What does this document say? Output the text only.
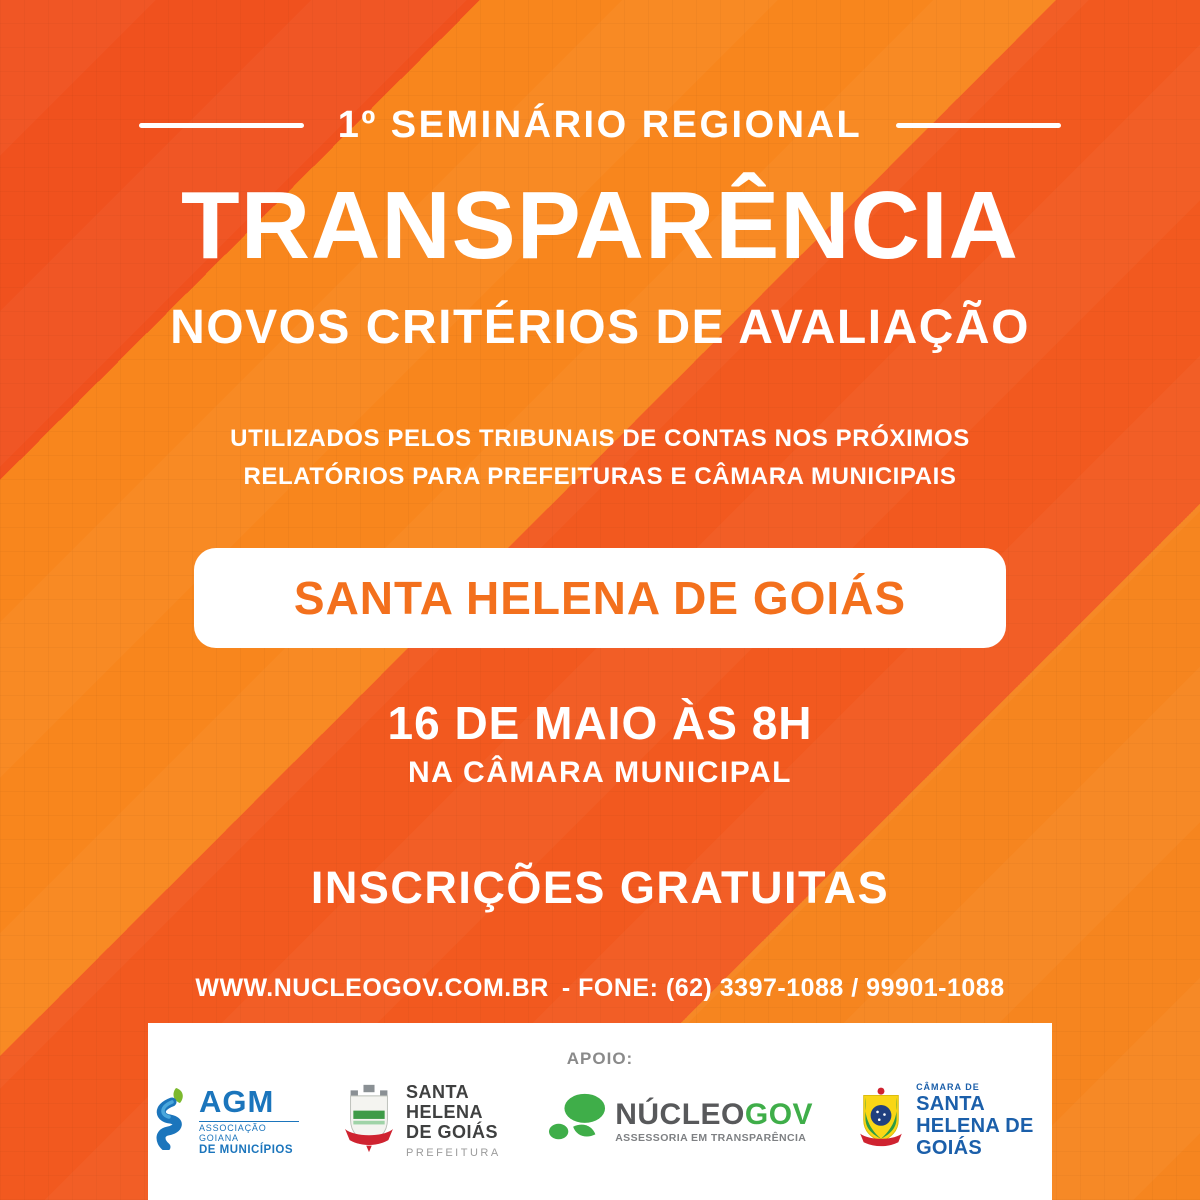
1º SEMINÁRIO REGIONAL
TRANSPARÊNCIA
NOVOS CRITÉRIOS DE AVALIAÇÃO

UTILIZADOS PELOS TRIBUNAIS DE CONTAS NOS PRÓXIMOS
RELATÓRIOS PARA PREFEITURAS E CÂMARA MUNICIPAIS

SANTA HELENA DE GOIÁS
16 DE MAIO ÀS 8H
NA CÂMARA MUNICIPAL
INSCRIÇÕES GRATUITAS
WWW.NUCLEOGOV.COM.BR - FONE: (62) 3397-1088 / 99901-1088
APOIO:
AGM
ASSOCIAÇÃO GOIANA
DE MUNICÍPIOS
SANTA HELENA
DE GOIÁS
PREFEITURA
NÚCLEOGOV
ASSESSORIA EM TRANSPARÊNCIA
CÂMARA DE
SANTA
HELENA DE GOIÁS
